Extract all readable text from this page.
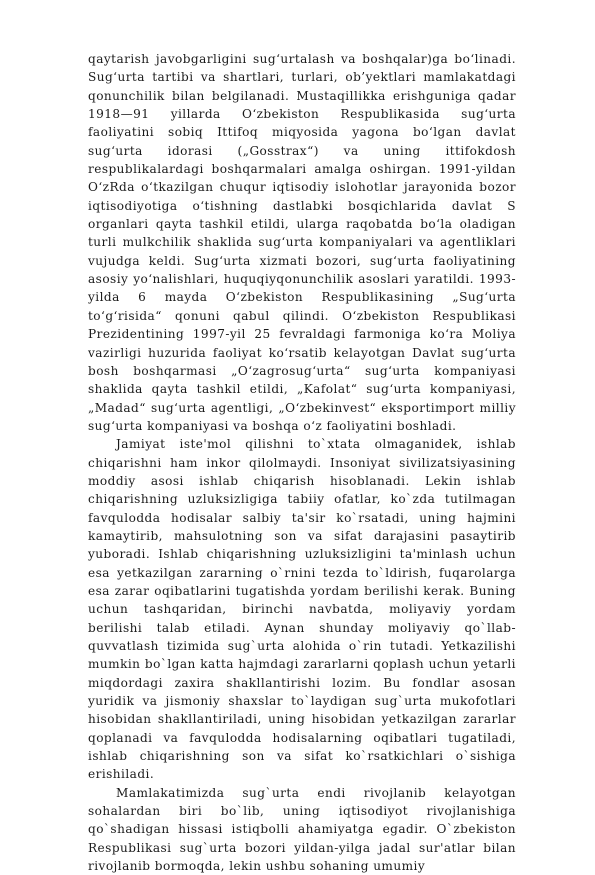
qaytarish javobgarligini sug‘urtalash va boshqalar)ga bo‘linadi. Sug‘urta tartibi va shartlari, turlari, ob’yektlari mamlakatdagi qonunchilik bilan belgilanadi. Mustaqillikka erishguniga qadar 1918—91 yillarda O‘zbekiston Respublikasida sug‘urta faoliyatini sobiq Ittifoq miqyosida yagona bo‘lgan davlat sug‘urta idorasi („Gosstrax“) va uning ittifokdosh respublikalardagi boshqarmalari amalga oshirgan. 1991-yildan O‘zRda o‘tkazilgan chuqur iqtisodiy islohotlar jarayonida bozor iqtisodiyotiga o‘tishning dastlabki bosqichlarida davlat S organlari qayta tashkil etildi, ularga raqobatda bo‘la oladigan turli mulkchilik shaklida sug‘urta kompaniyalari va agentliklari vujudga keldi. Sug‘urta xizmati bozori, sug‘urta faoliyatining asosiy yo‘nalishlari, huquqiyqonunchilik asoslari yaratildi. 1993-yilda 6 mayda O‘zbekiston Respublikasining „Sug‘urta to‘g‘risida“ qonuni qabul qilindi. O‘zbekiston Respublikasi Prezidentining 1997-yil 25 fevraldagi farmoniga ko‘ra Moliya vazirligi huzurida faoliyat ko‘rsatib kelayotgan Davlat sug‘urta bosh boshqarmasi „O‘zagrosug‘urta“ sug‘urta kompaniyasi shaklida qayta tashkil etildi, „Kafolat“ sug‘urta kompaniyasi, „Madad“ sug‘urta agentligi, „O‘zbekinvest“ eksportimport milliy sug‘urta kompaniyasi va boshqa o‘z faoliyatini boshladi.

Jamiyat iste'mol qilishni to`xtata olmaganidek, ishlab chiqarishni ham inkor qilolmaydi. Insoniyat sivilizatsiyasining moddiy asosi ishlab chiqarish hisoblanadi. Lekin ishlab chiqarishning uzluksizligiga tabiiy ofatlar, ko`zda tutilmagan favqulodda hodisalar salbiy ta'sir ko`rsatadi, uning hajmini kamaytirib, mahsulotning son va sifat darajasini pasaytirib yuboradi. Ishlab chiqarishning uzluksizligini ta'minlash uchun esa yetkazilgan zararning o`rnini tezda to`ldirish, fuqarolarga esa zarar oqibatlarini tugatishda yordam berilishi kerak. Buning uchun tashqaridan, birinchi navbatda, moliyaviy yordam berilishi talab etiladi. Aynan shunday moliyaviy qo`llab-quvvatlash tizimida sug`urta alohida o`rin tutadi. Yetkazilishi mumkin bo`lgan katta hajmdagi zararlarni qoplash uchun yetarli miqdordagi zaxira shakllantirishi lozim. Bu fondlar asosan yuridik va jismoniy shaxslar to`laydigan sug`urta mukofotlari hisobidan shakllantiriladi, uning hisobidan yetkazilgan zararlar qoplanadi va favqulodda hodisalarning oqibatlari tugatiladi, ishlab chiqarishning son va sifat ko`rsatkichlari o`sishiga erishiladi.

Mamlakatimizda sug`urta endi rivojlanib kelayotgan sohalardan biri bo`lib, uning iqtisodiyot rivojlanishiga qo`shadigan hissasi istiqbolli ahamiyatga egadir. O`zbekiston Respublikasi sug`urta bozori yildan-yilga jadal sur'atlar bilan rivojlanib bormoqda, lekin ushbu sohaning umumiy
